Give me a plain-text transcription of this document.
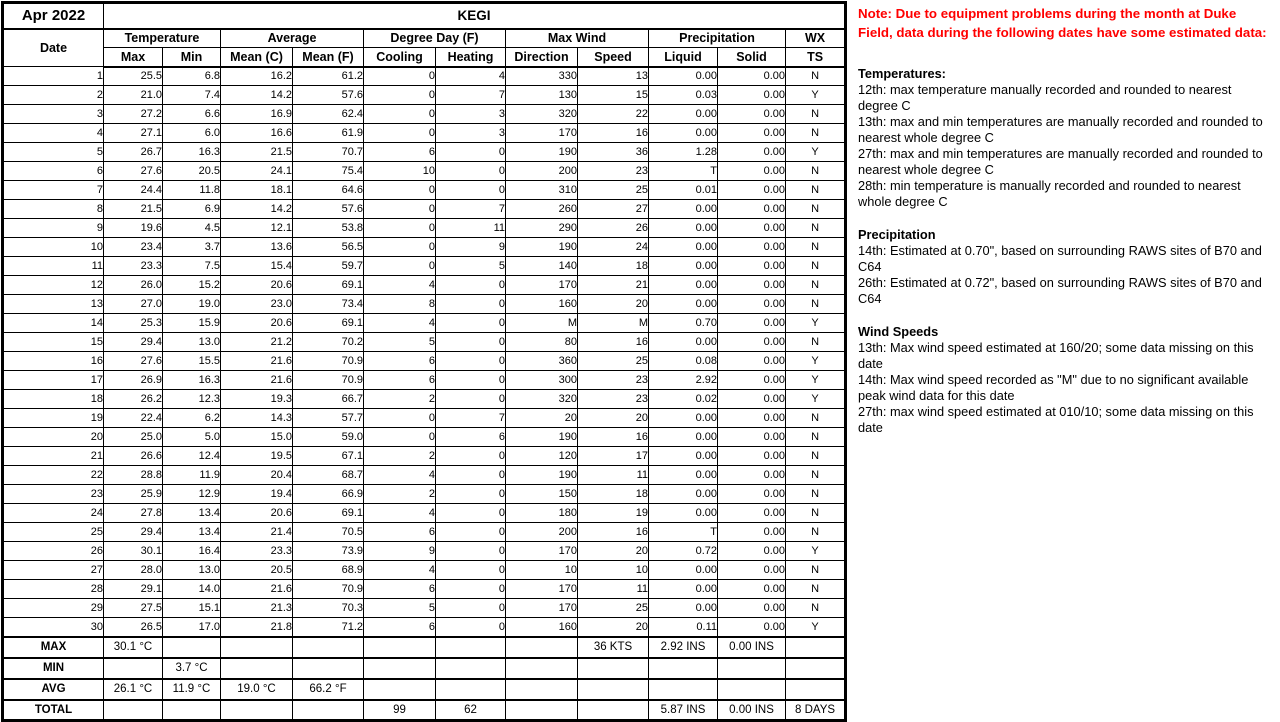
Apr 2022	KEGI										
Date	Temperature		Average		Degree Day (F)		Max Wind		Precipitation		WX
	Max	Min	Mean (C)	Mean (F)	Cooling	Heating	Direction	Speed	Liquid	Solid	TS
1	25.5	6.8	16.2	61.2	0	4	330	13	0.00	0.00	N
2	21.0	7.4	14.2	57.6	0	7	130	15	0.03	0.00	Y
3	27.2	6.6	16.9	62.4	0	3	320	22	0.00	0.00	N
4	27.1	6.0	16.6	61.9	0	3	170	16	0.00	0.00	N
5	26.7	16.3	21.5	70.7	6	0	190	36	1.28	0.00	Y
6	27.6	20.5	24.1	75.4	10	0	200	23	T	0.00	N
7	24.4	11.8	18.1	64.6	0	0	310	25	0.01	0.00	N
8	21.5	6.9	14.2	57.6	0	7	260	27	0.00	0.00	N
9	19.6	4.5	12.1	53.8	0	11	290	26	0.00	0.00	N
10	23.4	3.7	13.6	56.5	0	9	190	24	0.00	0.00	N
11	23.3	7.5	15.4	59.7	0	5	140	18	0.00	0.00	N
12	26.0	15.2	20.6	69.1	4	0	170	21	0.00	0.00	N
13	27.0	19.0	23.0	73.4	8	0	160	20	0.00	0.00	N
14	25.3	15.9	20.6	69.1	4	0	M	M	0.70	0.00	Y
15	29.4	13.0	21.2	70.2	5	0	80	16	0.00	0.00	N
16	27.6	15.5	21.6	70.9	6	0	360	25	0.08	0.00	Y
17	26.9	16.3	21.6	70.9	6	0	300	23	2.92	0.00	Y
18	26.2	12.3	19.3	66.7	2	0	320	23	0.02	0.00	Y
19	22.4	6.2	14.3	57.7	0	7	20	20	0.00	0.00	N
20	25.0	5.0	15.0	59.0	0	6	190	16	0.00	0.00	N
21	26.6	12.4	19.5	67.1	2	0	120	17	0.00	0.00	N
22	28.8	11.9	20.4	68.7	4	0	190	11	0.00	0.00	N
23	25.9	12.9	19.4	66.9	2	0	150	18	0.00	0.00	N
24	27.8	13.4	20.6	69.1	4	0	180	19	0.00	0.00	N
25	29.4	13.4	21.4	70.5	6	0	200	16	T	0.00	N
26	30.1	16.4	23.3	73.9	9	0	170	20	0.72	0.00	Y
27	28.0	13.0	20.5	68.9	4	0	10	10	0.00	0.00	N
28	29.1	14.0	21.6	70.9	6	0	170	11	0.00	0.00	N
29	27.5	15.1	21.3	70.3	5	0	170	25	0.00	0.00	N
30	26.5	17.0	21.8	71.2	6	0	160	20	0.11	0.00	Y
MAX	30.1 °C							36 KTS	2.92 INS	0.00 INS	
MIN		3.7 °C									
AVG	26.1 °C	11.9 °C	19.0 °C	66.2 °F							
TOTAL					99	62			5.87 INS	0.00 INS	8 DAYS

Note: Due to equipment problems during the month at Duke Field, data during the following dates have some estimated data:

Temperatures:
12th: max temperature manually recorded and rounded to nearest degree C
13th: max and min temperatures are manually recorded and rounded to nearest whole degree C
27th: max and min temperatures are manually recorded and rounded to nearest whole degree C
28th: min temperature is manually recorded and rounded to nearest whole degree C
Precipitation
14th: Estimated at 0.70", based on surrounding RAWS sites of B70 and C64
26th: Estimated at 0.72", based on surrounding RAWS sites of B70 and C64
Wind Speeds
13th: Max wind speed estimated at 160/20; some data missing on this date
14th: Max wind speed recorded as "M" due to no significant available peak wind data for this date
27th: max wind speed estimated at 010/10; some data missing on this date
